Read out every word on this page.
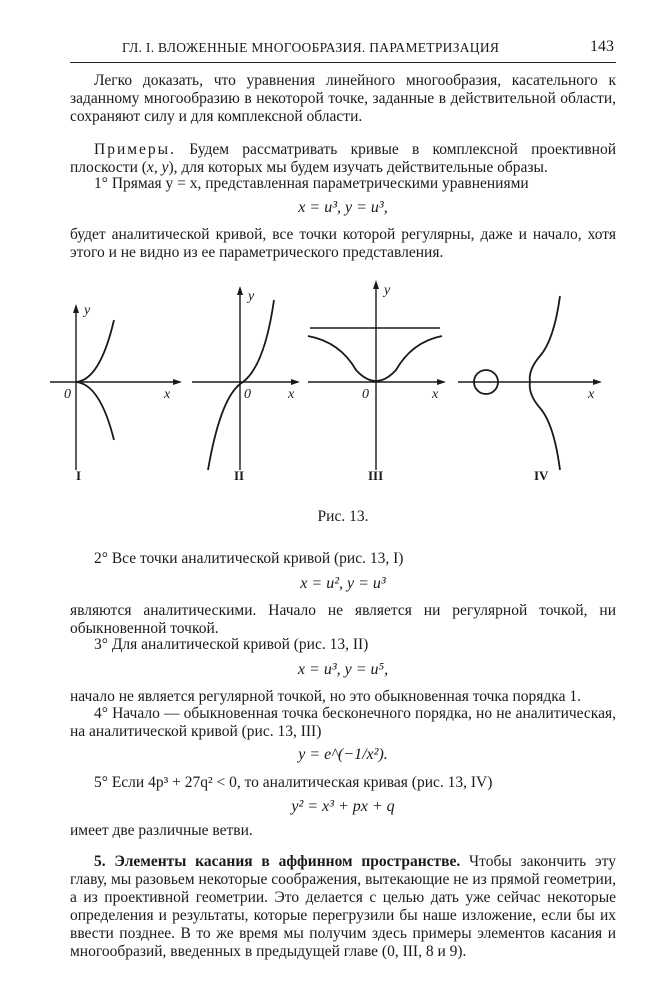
ГЛ. I. ВЛОЖЕННЫЕ МНОГООБРАЗИЯ. ПАРАМЕТРИЗАЦИЯ	143

Легко доказать, что уравнения линейного многообразия, касательного к заданному многообразию в некоторой точке, заданные в действительной области, сохраняют силу и для комплексной области.

Примеры. Будем рассматривать кривые в комплексной проективной плоскости (x, y), для которых мы будем изучать действительные образы.

1° Прямая y = x, представленная параметрическими уравнениями

x = u³, y = u³,

будет аналитической кривой, все точки которой регулярны, даже и начало, хотя этого и не видно из ее параметрического представления.

y
0	x
y
0	x
y
0	x	x
I	II	III	IV
Рис. 13.

2° Все точки аналитической кривой (рис. 13, I)

x = u², y = u³

являются аналитическими. Начало не является ни регулярной точкой, ни обыкновенной точкой.

3° Для аналитической кривой (рис. 13, II)

x = u³, y = u⁵,

начало не является регулярной точкой, но это обыкновенная точка порядка 1.

4° Начало — обыкновенная точка бесконечного порядка, но не аналитическая, на аналитической кривой (рис. 13, III)

y = e^(−1/x²).

5° Если 4p³ + 27q² < 0, то аналитическая кривая (рис. 13, IV)

y² = x³ + px + q

имеет две различные ветви.

5. Элементы касания в аффинном пространстве. Чтобы закончить эту главу, мы разовьем некоторые соображения, вытекающие не из прямой геометрии, а из проективной геометрии. Это делается с целью дать уже сейчас некоторые определения и результаты, которые перегрузили бы наше изложение, если бы их ввести позднее. В то же время мы получим здесь примеры элементов касания и многообразий, введенных в предыдущей главе (0, III, 8 и 9).
